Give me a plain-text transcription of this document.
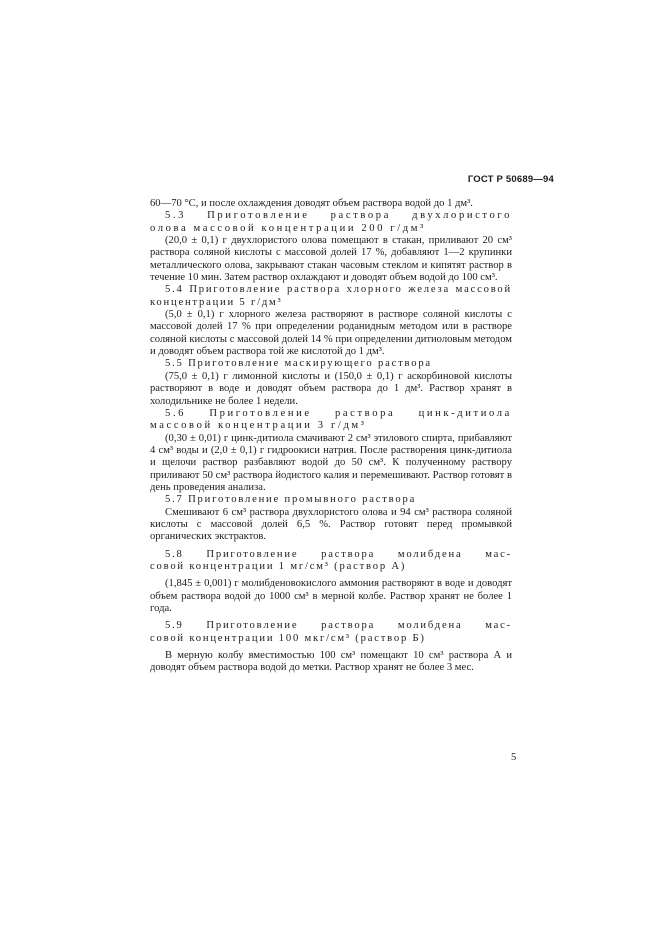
ГОСТ Р 50689—94

60—70 °С, и после охлаждения доводят объем раствора водой до 1 дм³.

5.3 Приготовление раствора двухлористого

олова массовой концентрации 200 г/дм³

(20,0 ± 0,1) г двухлористого олова помещают в стакан, приливают 20 см³ раствора соляной кислоты с массовой долей 17 %, добавляют 1—2 крупинки металлического олова, закрывают стакан часовым стеклом и кипятят раствор в течение 10 мин. Затем раствор охлаждают и доводят объем водой до 100 см³.

5.4 Приготовление раствора хлорного железа массовой концентрации 5 г/дм³

(5,0 ± 0,1) г хлорного железа растворяют в растворе соляной кислоты с массовой долей 17 % при определении роданидным методом или в растворе соляной кислоты с массовой долей 14 % при определении дитиоловым методом и доводят объем раствора той же кислотой до 1 дм³.

5.5 Приготовление маскирующего раствора

(75,0 ± 0,1) г лимонной кислоты и (150,0 ± 0,1) г аскорбиновой кислоты растворяют в воде и доводят объем раствора до 1 дм³. Раствор хранят в холодильнике не более 1 недели.

5.6 Приготовление раствора цинк-дитиола

массовой концентрации 3 г/дм³

(0,30 ± 0,01) г цинк-дитиола смачивают 2 см³ этилового спирта, прибавляют 4 см³ воды и (2,0 ± 0,1) г гидроокиси натрия. После растворения цинк-дитиола и щелочи раствор разбавляют водой до 50 см³. К полученному раствору приливают 50 см³ раствора йодистого калия и перемешивают. Раствор готовят в день проведения анализа.

5.7 Приготовление промывного раствора

Смешивают 6 см³ раствора двухлористого олова и 94 см³ раствора соляной кислоты с массовой долей 6,5 %. Раствор готовят перед промывкой органических экстрактов.

5.8 Приготовление раствора молибдена мас-

совой концентрации 1 мг/см³ (раствор А)

(1,845 ± 0,001) г молибденовокислого аммония растворяют в воде и доводят объем раствора водой до 1000 см³ в мерной колбе. Раствор хранят не более 1 года.

5.9 Приготовление раствора молибдена мас-

совой концентрации 100 мкг/см³ (раствор Б)

В мерную колбу вместимостью 100 см³ помещают 10 см³ раствора А и доводят объем раствора водой до метки. Раствор хранят не более 3 мес.

5
